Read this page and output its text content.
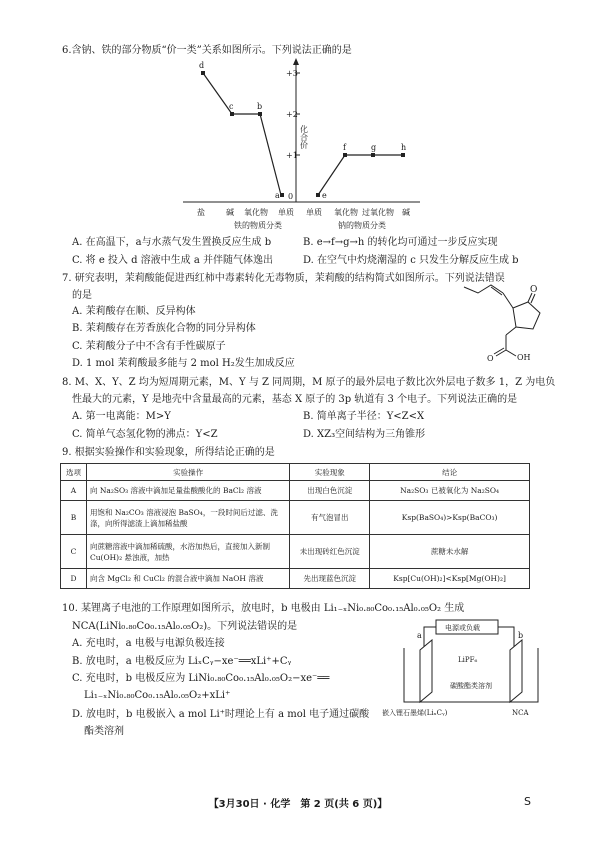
6.含钠、铁的部分物质“价一类”关系如图所示。下列说法正确的是
+3
+2
+1
0
化合价
d
c	b
a	e
f	g	h
盐	碱 氧化物 单质
铁的物质分类
单质 氧化物 过氧化物 碱
钠的物质分类
A. 在高温下，a与水蒸气发生置换反应生成 b	B. e→f→g→h 的转化均可通过一步反应实现
C. 将 e 投入 d 溶液中生成 a 并伴随气体逸出	D. 在空气中灼烧潮湿的 c 只发生分解反应生成 b
7. 研究表明，茉莉酸能促进西红柿中毒素转化无毒物质，茉莉酸的结构简式如图所示。下列说法错误
的是
A. 茉莉酸存在顺、反异构体
B. 茉莉酸存在芳香族化合物的同分异构体
C. 茉莉酸分子中不含有手性碳原子
D. 1 mol 茉莉酸最多能与 2 mol H₂发生加成反应
O
OH
O
8. M、X、Y、Z 均为短周期元素，M、Y 与 Z 同周期，M 原子的最外层电子数比次外层电子数多 1，Z 为电负
性最大的元素，Y 是地壳中含量最高的元素，基态 X 原子的 3p 轨道有 3 个电子。下列说法正确的是
A. 第一电离能：M>Y	B. 简单离子半径：Y<Z<X
C. 简单气态氢化物的沸点：Y<Z	D. XZ₃空间结构为三角锥形
9. 根据实验操作和实验现象，所得结论正确的是
选项	实验操作	实验现象	结论
A	向 Na₂SO₃ 溶液中滴加足量盐酸酸化的 BaCl₂ 溶液	出现白色沉淀	Na₂SO₃ 已被氧化为 Na₂SO₄
B	用饱和 Na₂CO₃ 溶液浸泡 BaSO₄，一段时间后过滤、洗涤，向所得滤渣上滴加稀盐酸	有气泡冒出	Ksp(BaSO₄)>Ksp(BaCO₃)
C	向蔗糖溶液中滴加稀硫酸，水浴加热后，直接加入新制 Cu(OH)₂ 悬浊液，加热	未出现砖红色沉淀	蔗糖未水解
D	向含 MgCl₂ 和 CuCl₂ 的混合液中滴加 NaOH 溶液	先出现蓝色沉淀	Ksp[Cu(OH)₂]<Ksp[Mg(OH)₂]
10. 某锂离子电池的工作原理如图所示，放电时，b 电极由 Li₁₋ₓNi₀.₈₀Co₀.₁₅Al₀.₀₅O₂ 生成
NCA(LiNi₀.₈₀Co₀.₁₅Al₀.₀₅O₂)。下列说法错误的是
A. 充电时，a 电极与电源负极连接
B. 放电时，a 电极反应为 LiₓCᵧ−xe⁻══xLi⁺+Cᵧ
C. 充电时，b 电极反应为 LiNi₀.₈₀Co₀.₁₅Al₀.₀₅O₂−xe⁻══
Li₁₋ₓNi₀.₈₀Co₀.₁₅Al₀.₀₅O₂+xLi⁺
D. 放电时，b 电极嵌入 a mol Li⁺时理论上有 a mol 电子通过碳酸
酯类溶剂
电源或负载
a	b
LiPF₆
碳酸酯类溶剂
嵌入锂石墨烯(LiₓCᵧ)	NCA
【3月30日 · 化学　第 2 页(共 6 页)】	S
